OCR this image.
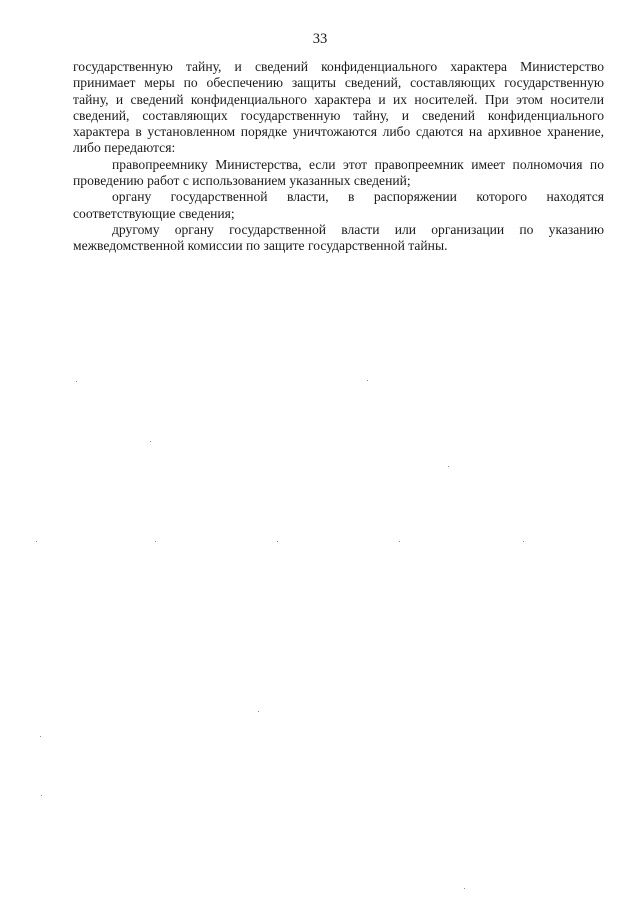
33

государственную тайну, и сведений конфиденциального характера Министерство принимает меры по обеспечению защиты сведений, составляющих государственную тайну, и сведений конфиденциального характера и их носителей. При этом носители сведений, составляющих государственную тайну, и сведений конфиденциального характера в установленном порядке уничтожаются либо сдаются на архивное хранение, либо передаются:

правопреемнику Министерства, если этот правопреемник имеет полномочия по проведению работ с использованием указанных сведений;

органу государственной власти, в распоряжении которого находятся соответствующие сведения;

другому органу государственной власти или организации по указанию межведомственной комиссии по защите государственной тайны.
